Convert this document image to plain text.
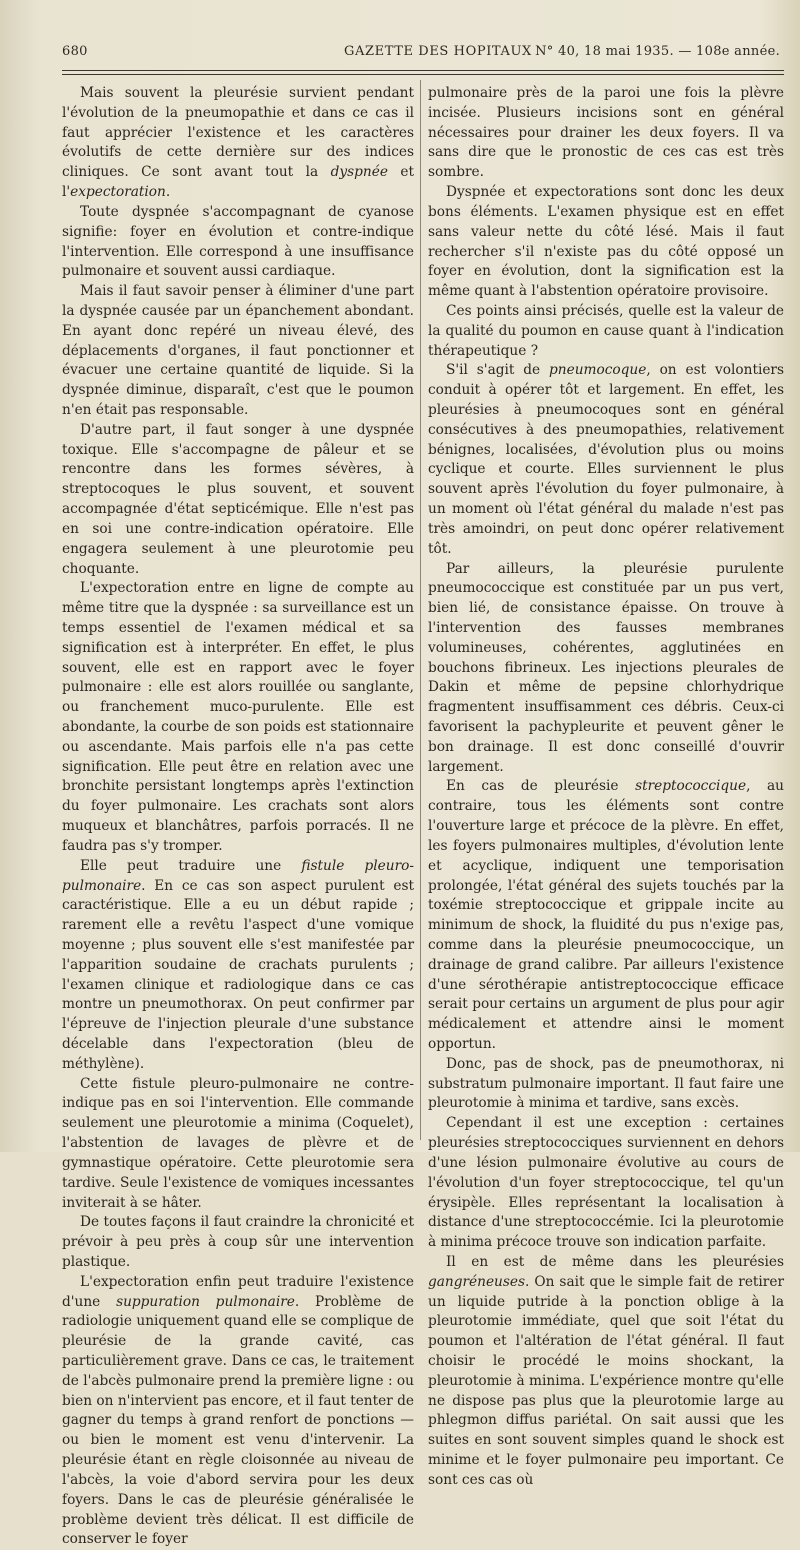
680	GAZETTE DES HOPITAUX N° 40, 18 mai 1935. — 108e année.

Mais souvent la pleurésie survient pendant l'évolution de la pneumopathie et dans ce cas il faut apprécier l'existence et les caractères évolutifs de cette dernière sur des indices cliniques. Ce sont avant tout la dyspnée et l'expectoration.

Toute dyspnée s'accompagnant de cyanose signifie: foyer en évolution et contre-indique l'intervention. Elle correspond à une insuffisance pulmonaire et souvent aussi cardiaque.

Mais il faut savoir penser à éliminer d'une part la dyspnée causée par un épanchement abondant. En ayant donc repéré un niveau élevé, des déplacements d'organes, il faut ponctionner et évacuer une certaine quantité de liquide. Si la dyspnée diminue, disparaît, c'est que le poumon n'en était pas responsable.

D'autre part, il faut songer à une dyspnée toxique. Elle s'accompagne de pâleur et se rencontre dans les formes sévères, à streptocoques le plus souvent, et souvent accompagnée d'état septicémique. Elle n'est pas en soi une contre-indication opératoire. Elle engagera seulement à une pleurotomie peu choquante.

L'expectoration entre en ligne de compte au même titre que la dyspnée : sa surveillance est un temps essentiel de l'examen médical et sa signification est à interpréter. En effet, le plus souvent, elle est en rapport avec le foyer pulmonaire : elle est alors rouillée ou sanglante, ou franchement muco-purulente. Elle est abondante, la courbe de son poids est stationnaire ou ascendante. Mais parfois elle n'a pas cette signification. Elle peut être en relation avec une bronchite persistant longtemps après l'extinction du foyer pulmonaire. Les crachats sont alors muqueux et blanchâtres, parfois porracés. Il ne faudra pas s'y tromper.

Elle peut traduire une fistule pleuro-pulmonaire. En ce cas son aspect purulent est caractéristique. Elle a eu un début rapide ; rarement elle a revêtu l'aspect d'une vomique moyenne ; plus souvent elle s'est manifestée par l'apparition soudaine de crachats purulents ; l'examen clinique et radiologique dans ce cas montre un pneumothorax. On peut confirmer par l'épreuve de l'injection pleurale d'une substance décelable dans l'expectoration (bleu de méthylène).

Cette fistule pleuro-pulmonaire ne contre-indique pas en soi l'intervention. Elle commande seulement une pleurotomie a minima (Coquelet), l'abstention de lavages de plèvre et de gymnastique opératoire. Cette pleurotomie sera tardive. Seule l'existence de vomiques incessantes inviterait à se hâter.

De toutes façons il faut craindre la chronicité et prévoir à peu près à coup sûr une intervention plastique.

L'expectoration enfin peut traduire l'existence d'une suppuration pulmonaire. Problème de radiologie uniquement quand elle se complique de pleurésie de la grande cavité, cas particulièrement grave. Dans ce cas, le traitement de l'abcès pulmonaire prend la première ligne : ou bien on n'intervient pas encore, et il faut tenter de gagner du temps à grand renfort de ponctions — ou bien le moment est venu d'intervenir. La pleurésie étant en règle cloisonnée au niveau de l'abcès, la voie d'abord servira pour les deux foyers. Dans le cas de pleurésie généralisée le problème devient très délicat. Il est difficile de conserver le foyer

pulmonaire près de la paroi une fois la plèvre incisée. Plusieurs incisions sont en général nécessaires pour drainer les deux foyers. Il va sans dire que le pronostic de ces cas est très sombre.

Dyspnée et expectorations sont donc les deux bons éléments. L'examen physique est en effet sans valeur nette du côté lésé. Mais il faut rechercher s'il n'existe pas du côté opposé un foyer en évolution, dont la signification est la même quant à l'abstention opératoire provisoire.

Ces points ainsi précisés, quelle est la valeur de la qualité du poumon en cause quant à l'indication thérapeutique ?

S'il s'agit de pneumocoque, on est volontiers conduit à opérer tôt et largement. En effet, les pleurésies à pneumocoques sont en général consécutives à des pneumopathies, relativement bénignes, localisées, d'évolution plus ou moins cyclique et courte. Elles surviennent le plus souvent après l'évolution du foyer pulmonaire, à un moment où l'état général du malade n'est pas très amoindri, on peut donc opérer relativement tôt.

Par ailleurs, la pleurésie purulente pneumococcique est constituée par un pus vert, bien lié, de consistance épaisse. On trouve à l'intervention des fausses membranes volumineuses, cohérentes, agglutinées en bouchons fibrineux. Les injections pleurales de Dakin et même de pepsine chlorhydrique fragmentent insuffisamment ces débris. Ceux-ci favorisent la pachypleurite et peuvent gêner le bon drainage. Il est donc conseillé d'ouvrir largement.

En cas de pleurésie streptococcique, au contraire, tous les éléments sont contre l'ouverture large et précoce de la plèvre. En effet, les foyers pulmonaires multiples, d'évolution lente et acyclique, indiquent une temporisation prolongée, l'état général des sujets touchés par la toxémie streptococcique et grippale incite au minimum de shock, la fluidité du pus n'exige pas, comme dans la pleurésie pneumococcique, un drainage de grand calibre. Par ailleurs l'existence d'une sérothérapie antistreptococcique efficace serait pour certains un argument de plus pour agir médicalement et attendre ainsi le moment opportun.

Donc, pas de shock, pas de pneumothorax, ni substratum pulmonaire important. Il faut faire une pleurotomie à minima et tardive, sans excès.

Cependant il est une exception : certaines pleurésies streptococciques surviennent en dehors d'une lésion pulmonaire évolutive au cours de l'évolution d'un foyer streptococcique, tel qu'un érysipèle. Elles représentant la localisation à distance d'une streptococcémie. Ici la pleurotomie à minima précoce trouve son indication parfaite.

Il en est de même dans les pleurésies gangréneuses. On sait que le simple fait de retirer un liquide putride à la ponction oblige à la pleurotomie immédiate, quel que soit l'état du poumon et l'altération de l'état général. Il faut choisir le procédé le moins shockant, la pleurotomie à minima. L'expérience montre qu'elle ne dispose pas plus que la pleurotomie large au phlegmon diffus pariétal. On sait aussi que les suites en sont souvent simples quand le shock est minime et le foyer pulmonaire peu important. Ce sont ces cas où
